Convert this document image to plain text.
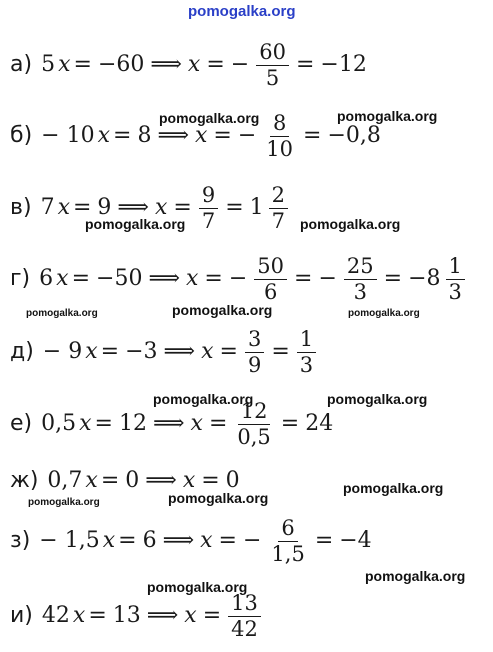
pomogalka.org
pomogalka.org	pomogalka.org
pomogalka.org	pomogalka.org
pomogalka.org	pomogalka.org	pomogalka.org
pomogalka.org	pomogalka.org
pomogalka.org
pomogalka.org	pomogalka.org
pomogalka.org
pomogalka.org
а) 5 x = −60 ⟹ x = − $\frac{60}{5} = -12$
б) − 10 x = 8 ⟹ x = − $\frac{8}{10} = -0,8$
в) 7 x = 9 ⟹ $x = \frac{9}{7} = 1 \frac{2}{7}$
г) 6 x = −50 ⟹ x = − $\frac{50}{6}$ = − $\frac{25}{3} = -8 \frac{1}{3}$
д) − 9 x = −3 ⟹ $x = \frac{3}{9} = \frac{1}{3}$
е) 0,5 x = 12 ⟹ $x = \frac{12}{0,5} = 24$
ж) 0,7 x = 0 ⟹ x = 0
з) − 1,5 x = 6 ⟹ x = − $\frac{6}{1,5} = -4$
и) 42 x = 13 ⟹ $x = \frac{13}{42}$
